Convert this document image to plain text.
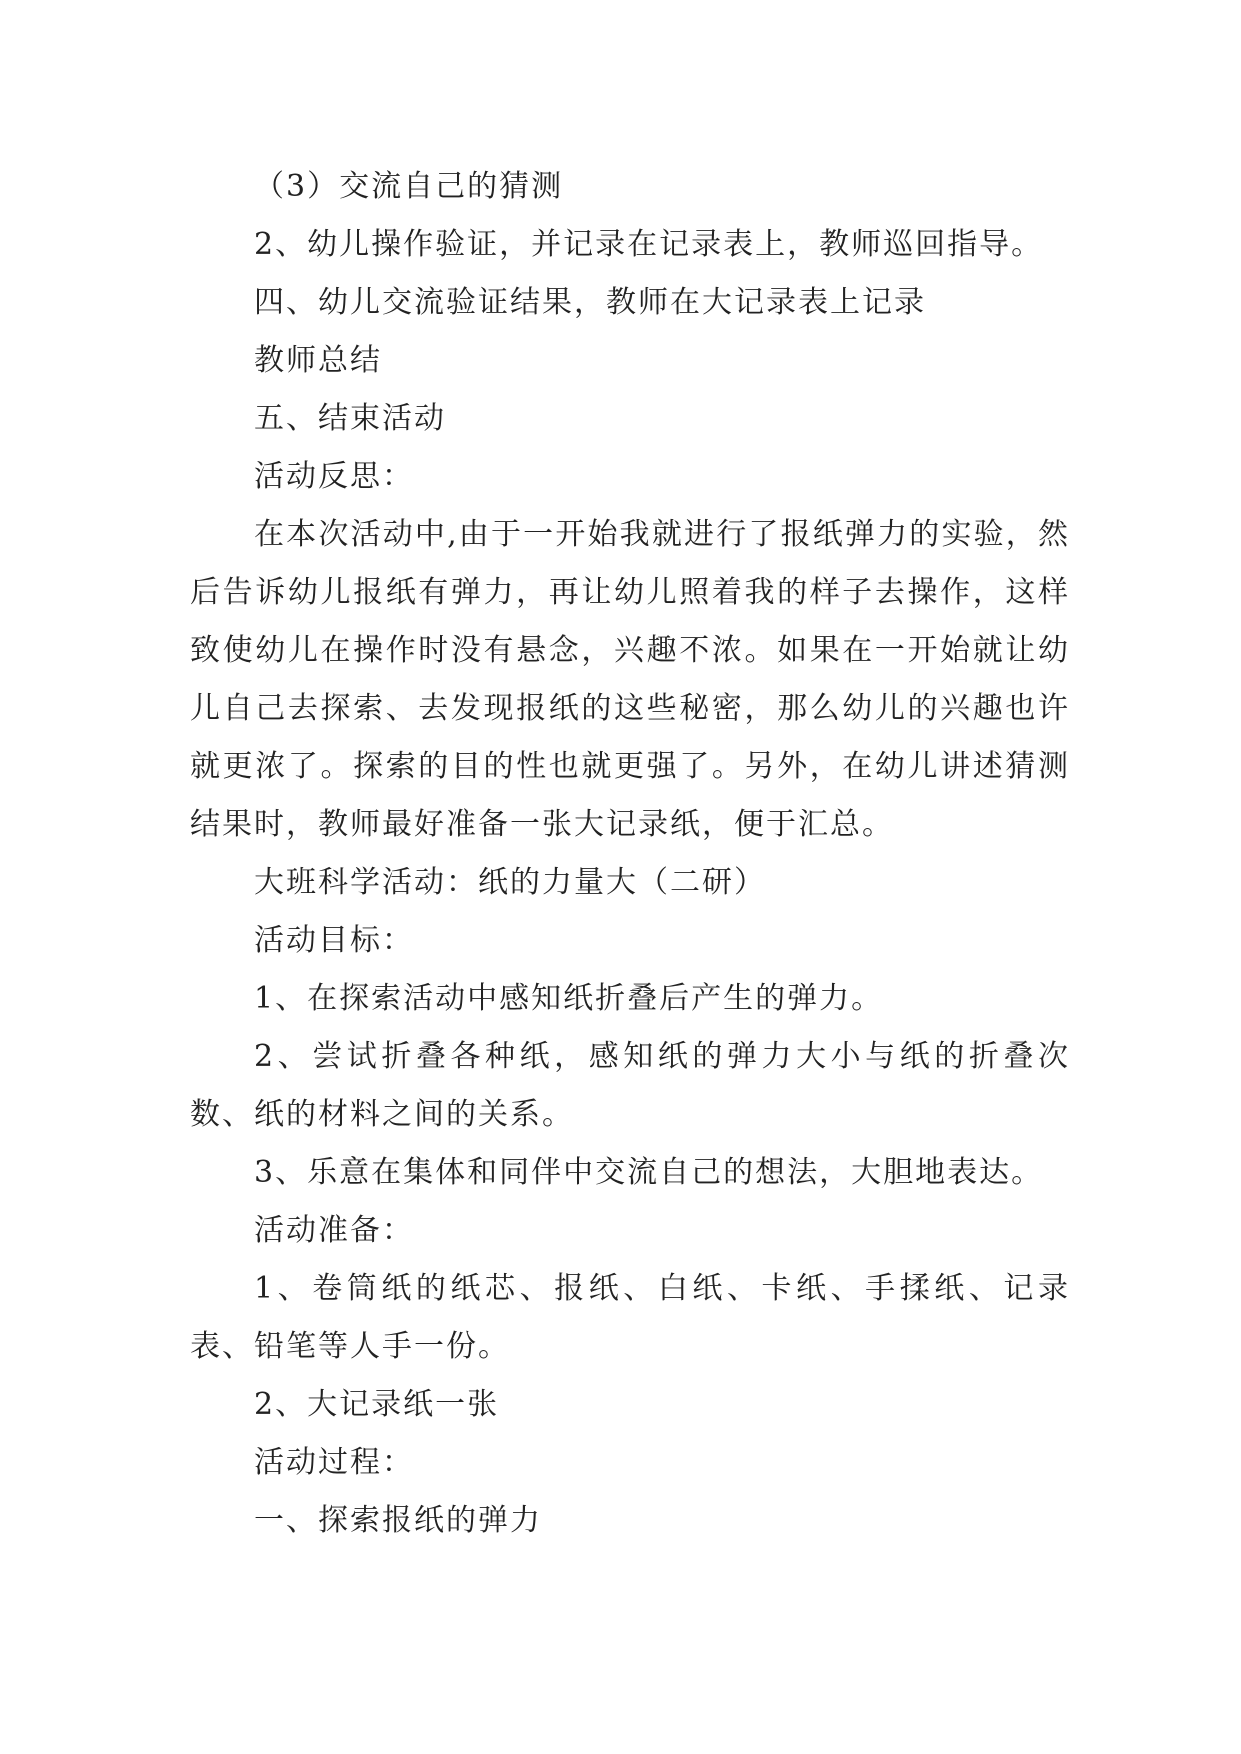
（3）交流自己的猜测

2、幼儿操作验证，并记录在记录表上，教师巡回指导。

四、幼儿交流验证结果，教师在大记录表上记录

教师总结

五、结束活动

活动反思：

在本次活动中,由于一开始我就进行了报纸弹力的实验，然后告诉幼儿报纸有弹力，再让幼儿照着我的样子去操作，这样致使幼儿在操作时没有悬念，兴趣不浓。如果在一开始就让幼儿自己去探索、去发现报纸的这些秘密，那么幼儿的兴趣也许就更浓了。探索的目的性也就更强了。另外，在幼儿讲述猜测结果时，教师最好准备一张大记录纸，便于汇总。

大班科学活动：纸的力量大（二研）

活动目标：

1、在探索活动中感知纸折叠后产生的弹力。

2、尝试折叠各种纸，感知纸的弹力大小与纸的折叠次数、纸的材料之间的关系。

3、乐意在集体和同伴中交流自己的想法，大胆地表达。

活动准备：

1、卷筒纸的纸芯、报纸、白纸、卡纸、手揉纸、记录表、铅笔等人手一份。

2、大记录纸一张

活动过程：

一、探索报纸的弹力
